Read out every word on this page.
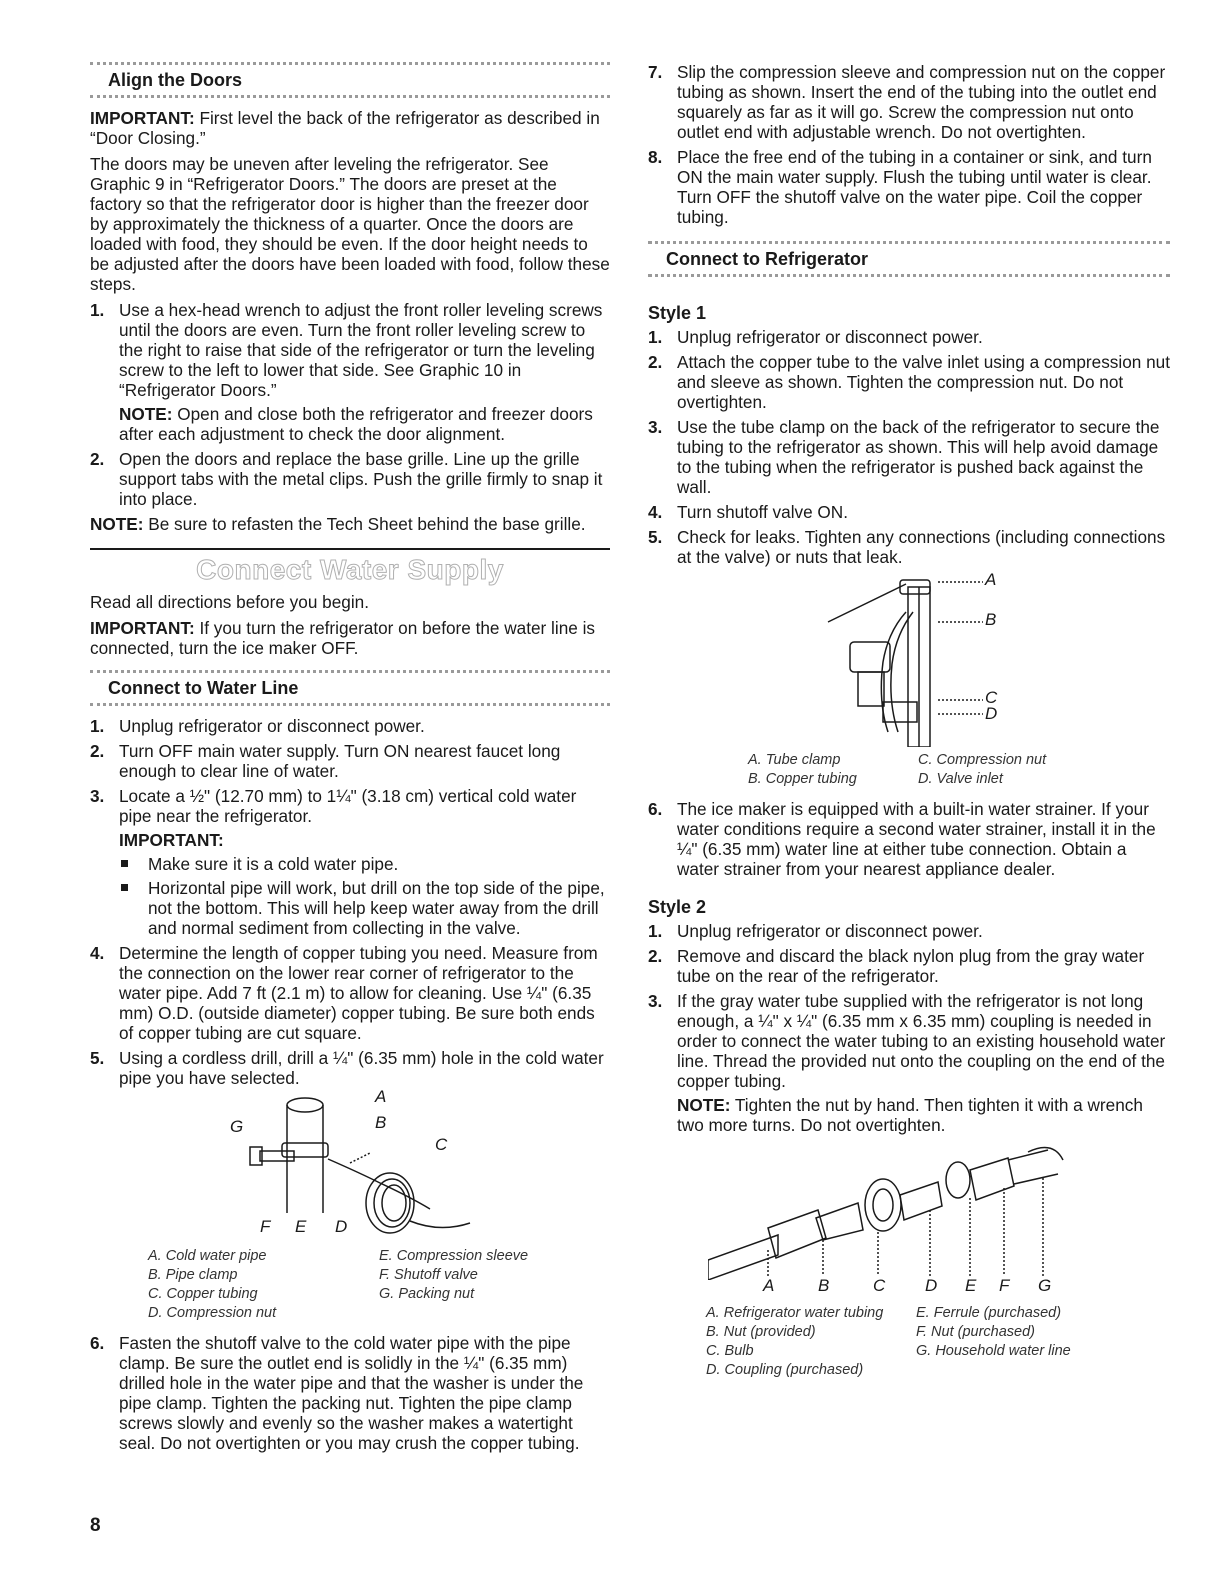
Align the Doors

IMPORTANT: First level the back of the refrigerator as described in “Door Closing.”

The doors may be uneven after leveling the refrigerator. See Graphic 9 in “Refrigerator Doors.” The doors are preset at the factory so that the refrigerator door is higher than the freezer door by approximately the thickness of a quarter. Once the doors are loaded with food, they should be even. If the door height needs to be adjusted after the doors have been loaded with food, follow these steps.

1. Use a hex-head wrench to adjust the front roller leveling screws until the doors are even. Turn the front roller leveling screw to the right to raise that side of the refrigerator or turn the leveling screw to the left to lower that side. See Graphic 10 in “Refrigerator Doors.”
NOTE: Open and close both the refrigerator and freezer doors after each adjustment to check the door alignment.
2. Open the doors and replace the base grille. Line up the grille support tabs with the metal clips. Push the grille firmly to snap it into place.

NOTE: Be sure to refasten the Tech Sheet behind the base grille.

Connect Water Supply

Read all directions before you begin.

IMPORTANT: If you turn the refrigerator on before the water line is connected, turn the ice maker OFF.

Connect to Water Line
1. Unplug refrigerator or disconnect power.
2. Turn OFF main water supply. Turn ON nearest faucet long enough to clear line of water.
3. Locate a ½" (12.70 mm) to 1¼" (3.18 cm) vertical cold water pipe near the refrigerator.
IMPORTANT:
Make sure it is a cold water pipe.
Horizontal pipe will work, but drill on the top side of the pipe, not the bottom. This will help keep water away from the drill and normal sediment from collecting in the valve.
4. Determine the length of copper tubing you need. Measure from the connection on the lower rear corner of refrigerator to the water pipe. Add 7 ft (2.1 m) to allow for cleaning. Use ¼" (6.35 mm) O.D. (outside diameter) copper tubing. Be sure both ends of copper tubing are cut square.
5. Using a cordless drill, drill a ¼" (6.35 mm) hole in the cold water pipe you have selected.
A
B
C
D
E
F
G
A. Cold water pipe
B. Pipe clamp
C. Copper tubing
D. Compression nut
E. Compression sleeve
F. Shutoff valve
G. Packing nut
6. Fasten the shutoff valve to the cold water pipe with the pipe clamp. Be sure the outlet end is solidly in the ¼" (6.35 mm) drilled hole in the water pipe and that the washer is under the pipe clamp. Tighten the packing nut. Tighten the pipe clamp screws slowly and evenly so the washer makes a watertight seal. Do not overtighten or you may crush the copper tubing.
7. Slip the compression sleeve and compression nut on the copper tubing as shown. Insert the end of the tubing into the outlet end squarely as far as it will go. Screw the compression nut onto outlet end with adjustable wrench. Do not overtighten.
8. Place the free end of the tubing in a container or sink, and turn ON the main water supply. Flush the tubing until water is clear. Turn OFF the shutoff valve on the water pipe. Coil the copper tubing.
Connect to Refrigerator
Style 1
1. Unplug refrigerator or disconnect power.
2. Attach the copper tube to the valve inlet using a compression nut and sleeve as shown. Tighten the compression nut. Do not overtighten.
3. Use the tube clamp on the back of the refrigerator to secure the tubing to the refrigerator as shown. This will help avoid damage to the tubing when the refrigerator is pushed back against the wall.
4. Turn shutoff valve ON.
5. Check for leaks. Tighten any connections (including connections at the valve) or nuts that leak.
A
B
C
D
A. Tube clamp
B. Copper tubing
C. Compression nut
D. Valve inlet
6. The ice maker is equipped with a built-in water strainer. If your water conditions require a second water strainer, install it in the ¼" (6.35 mm) water line at either tube connection. Obtain a water strainer from your nearest appliance dealer.
Style 2
1. Unplug refrigerator or disconnect power.
2. Remove and discard the black nylon plug from the gray water tube on the rear of the refrigerator.
3. If the gray water tube supplied with the refrigerator is not long enough, a ¼" x ¼" (6.35 mm x 6.35 mm) coupling is needed in order to connect the water tubing to an existing household water line. Thread the provided nut onto the coupling on the end of the copper tubing.
NOTE: Tighten the nut by hand. Then tighten it with a wrench two more turns. Do not overtighten.
A	B	C D E F G
A. Refrigerator water tubing
B. Nut (provided)
C. Bulb
D. Coupling (purchased)
E. Ferrule (purchased)
F. Nut (purchased)
G. Household water line
8
